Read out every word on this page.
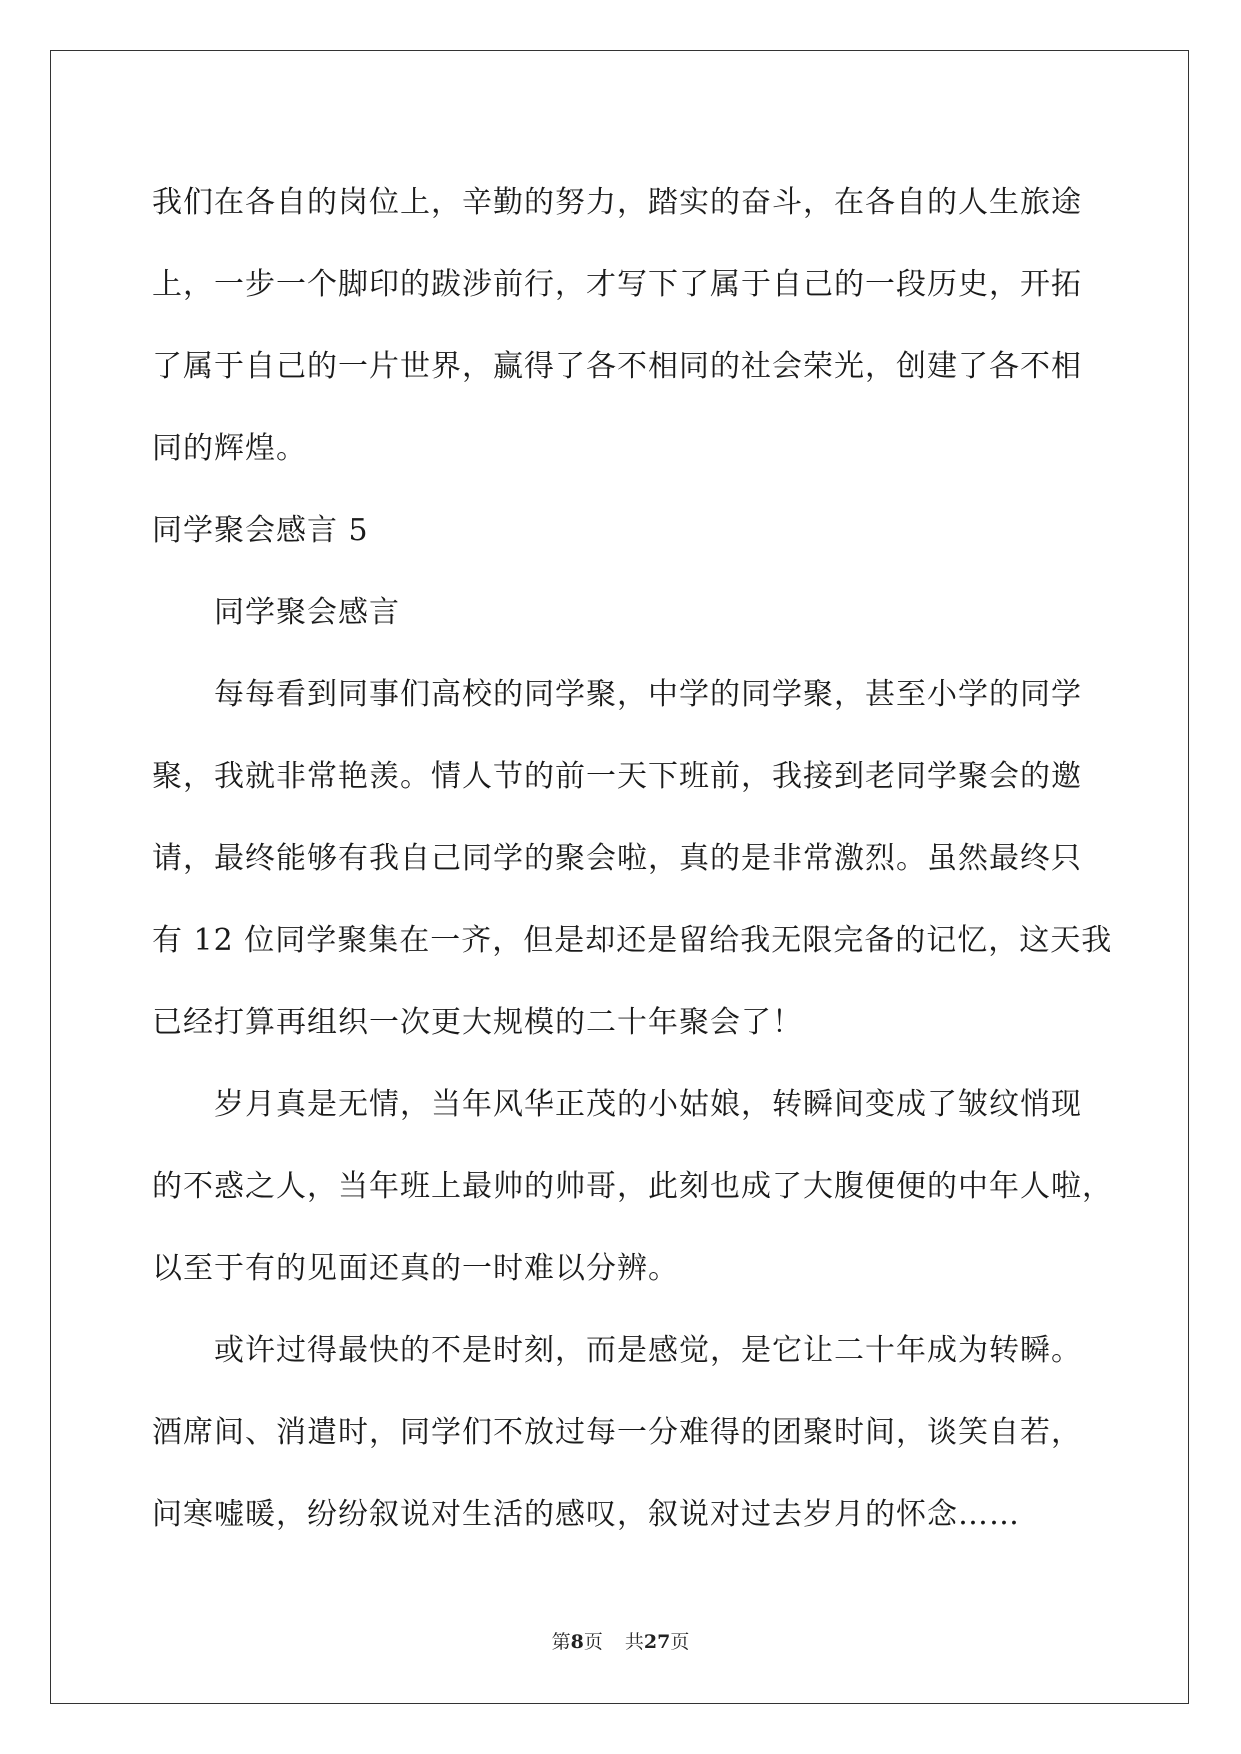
我们在各自的岗位上，辛勤的努力，踏实的奋斗，在各自的人生旅途
上，一步一个脚印的跋涉前行，才写下了属于自己的一段历史，开拓
了属于自己的一片世界，赢得了各不相同的社会荣光，创建了各不相
同的辉煌。
同学聚会感言 5
同学聚会感言
每每看到同事们高校的同学聚，中学的同学聚，甚至小学的同学
聚，我就非常艳羡。情人节的前一天下班前，我接到老同学聚会的邀
请，最终能够有我自己同学的聚会啦，真的是非常激烈。虽然最终只
有 12 位同学聚集在一齐，但是却还是留给我无限完备的记忆，这天我
已经打算再组织一次更大规模的二十年聚会了！
岁月真是无情，当年风华正茂的小姑娘，转瞬间变成了皱纹悄现
的不惑之人，当年班上最帅的帅哥，此刻也成了大腹便便的中年人啦，
以至于有的见面还真的一时难以分辨。
或许过得最快的不是时刻，而是感觉，是它让二十年成为转瞬。
酒席间、消遣时，同学们不放过每一分难得的团聚时间，谈笑自若，
问寒嘘暖，纷纷叙说对生活的感叹，叙说对过去岁月的怀念……
第8页 共27页
